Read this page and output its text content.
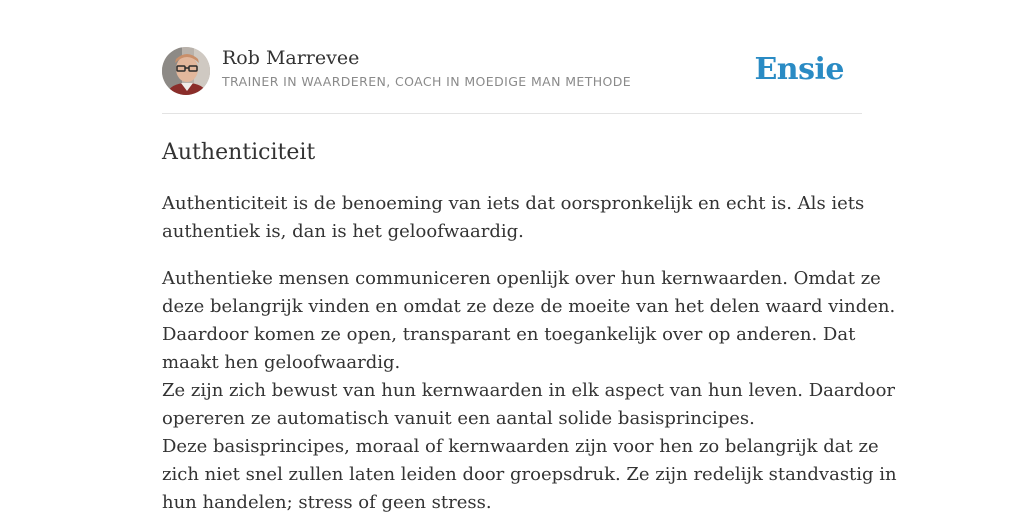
Rob Marrevee
TRAINER IN WAARDEREN, COACH IN MOEDIGE MAN METHODE	Ensie
Authenticiteit

Authenticiteit is de benoeming van iets dat oorspronkelijk en echt is. Als iets
authentiek is, dan is het geloofwaardig.

Authentieke mensen communiceren openlijk over hun kernwaarden. Omdat ze
deze belangrijk vinden en omdat ze deze de moeite van het delen waard vinden.
Daardoor komen ze open, transparant en toegankelijk over op anderen. Dat
maakt hen geloofwaardig.
Ze zijn zich bewust van hun kernwaarden in elk aspect van hun leven. Daardoor
opereren ze automatisch vanuit een aantal solide basisprincipes.
Deze basisprincipes, moraal of kernwaarden zijn voor hen zo belangrijk dat ze
zich niet snel zullen laten leiden door groepsdruk. Ze zijn redelijk standvastig in
hun handelen; stress of geen stress.
